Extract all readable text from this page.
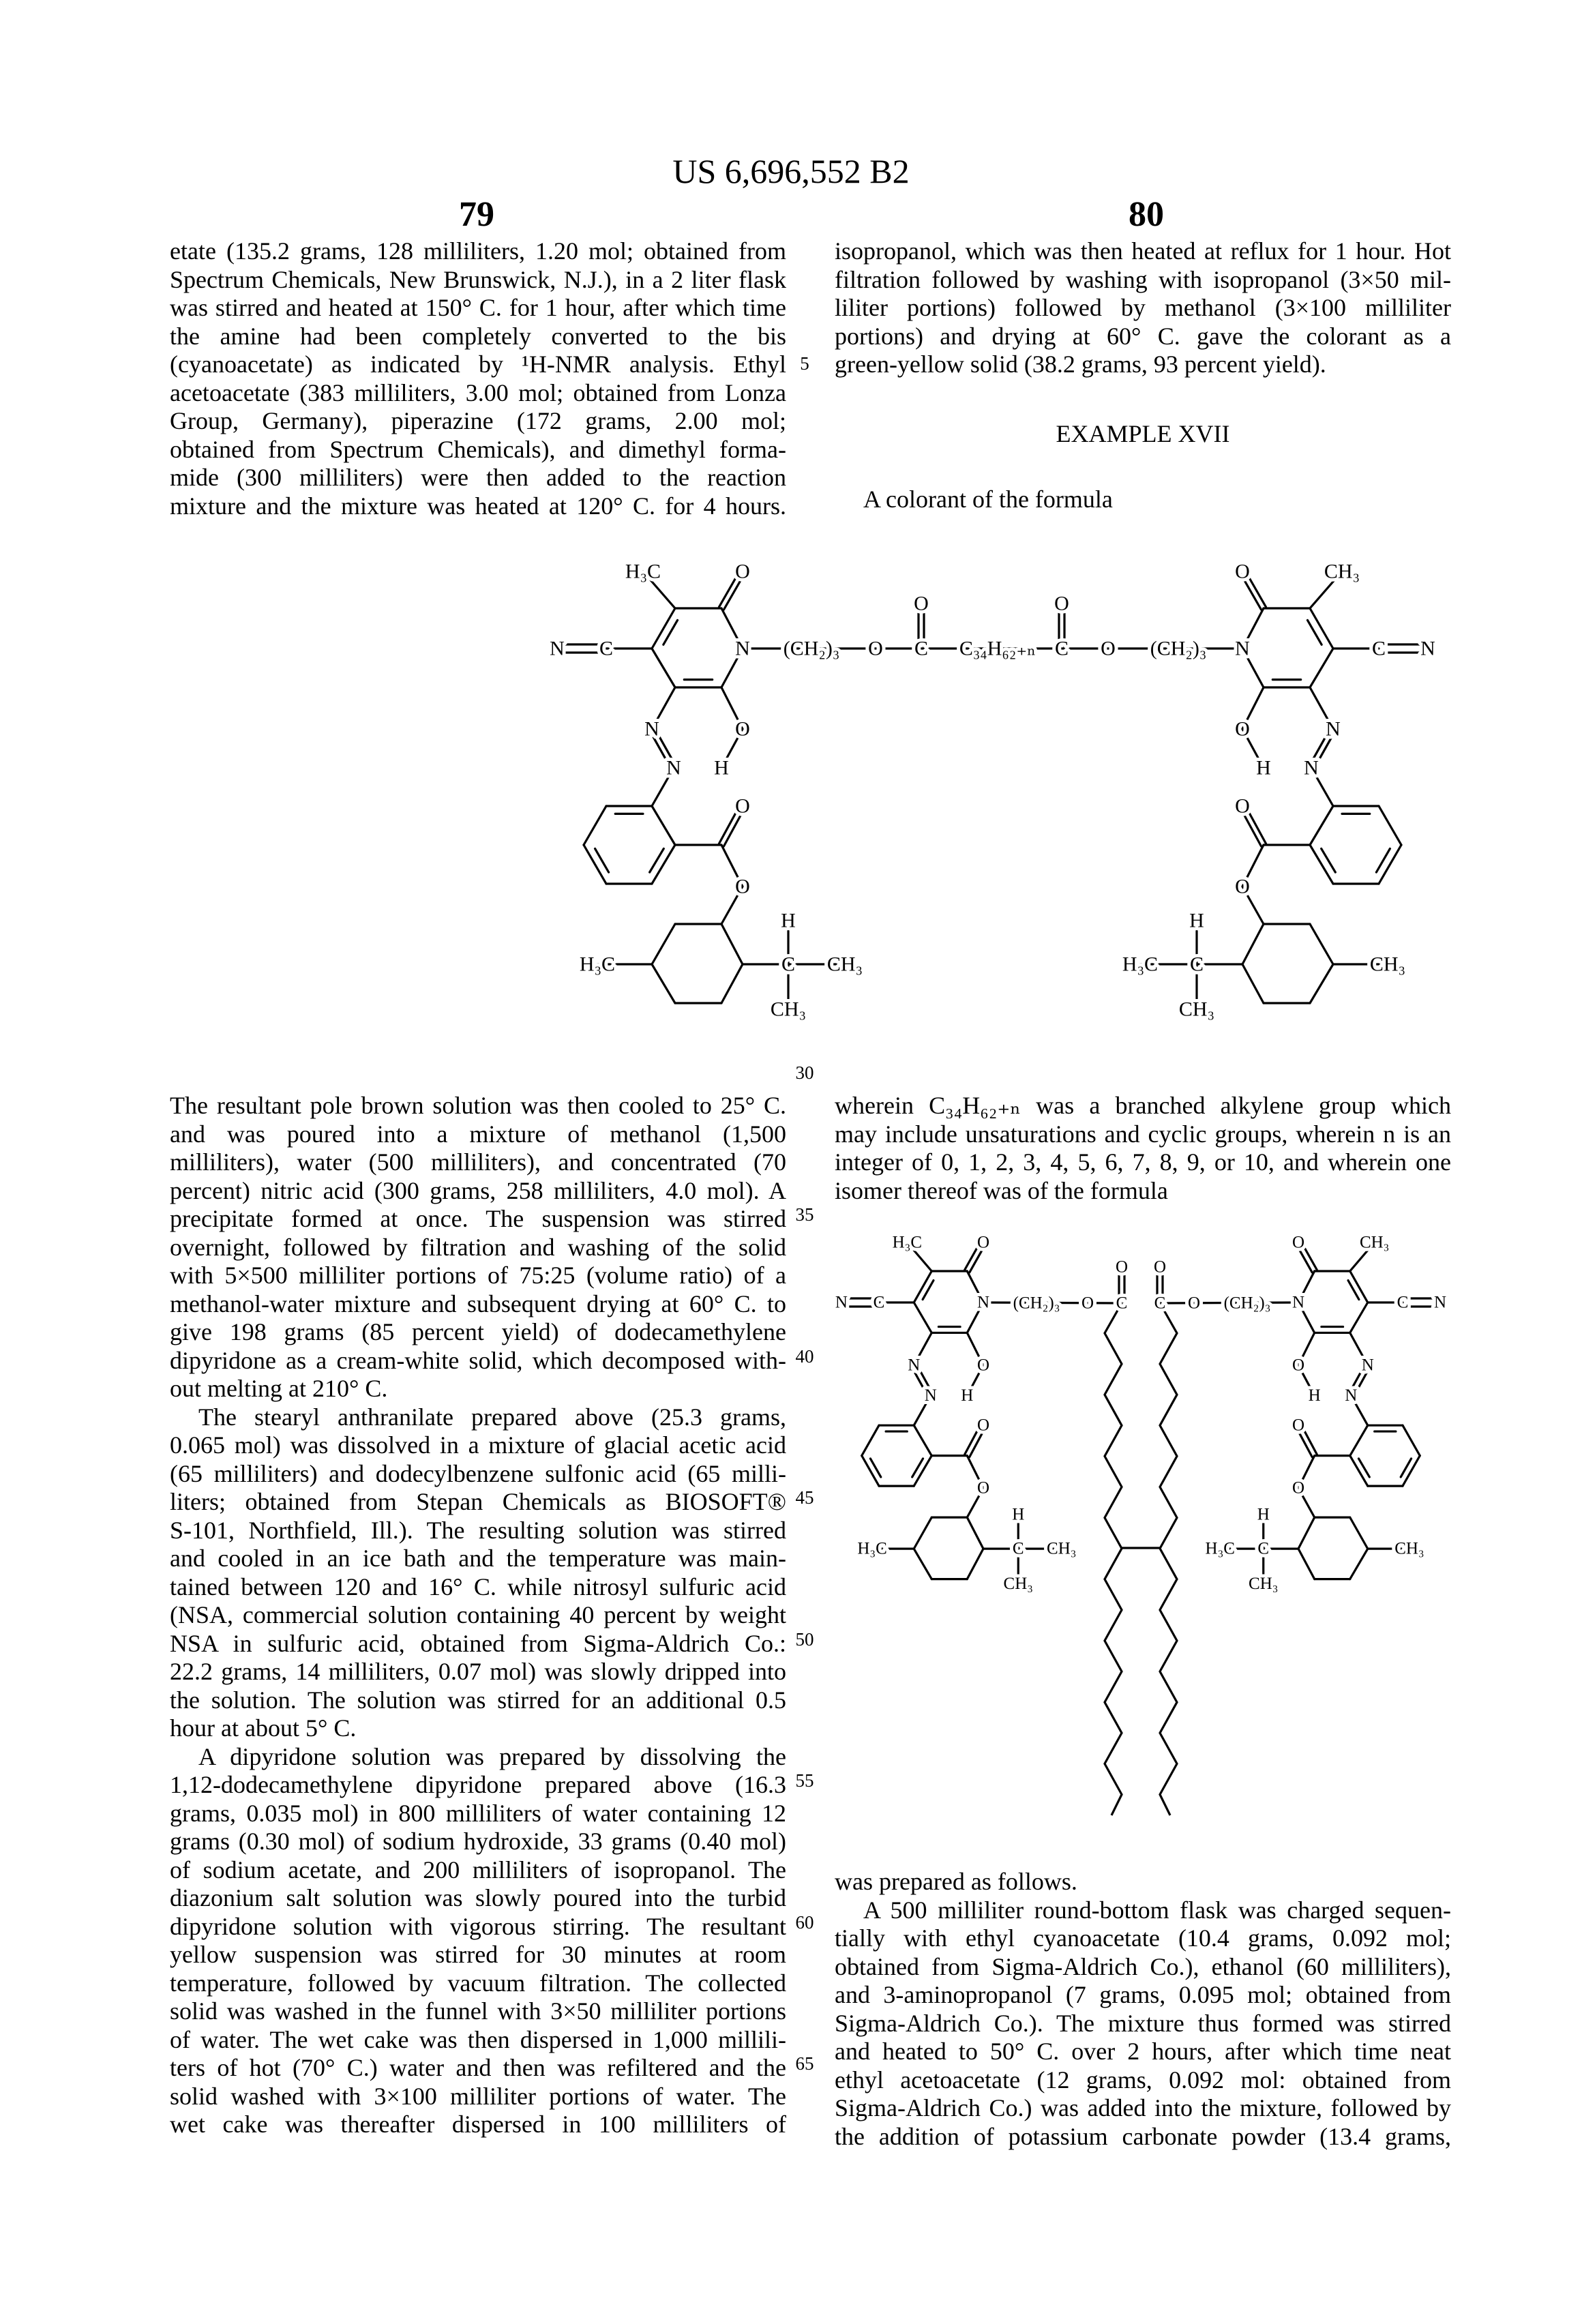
US 6,696,552 B2
79	80
etate (135.2 grams, 128 milliliters, 1.20 mol; obtained from
Spectrum Chemicals, New Brunswick, N.J.), in a 2 liter flask
was stirred and heated at 150° C. for 1 hour, after which time
the amine had been completely converted to the bis
(cyanoacetate) as indicated by ¹H-NMR analysis. Ethyl
acetoacetate (383 milliliters, 3.00 mol; obtained from Lonza
Group, Germany), piperazine (172 grams, 2.00 mol;
obtained from Spectrum Chemicals), and dimethyl forma-
mide (300 milliliters) were then added to the reaction
mixture and the mixture was heated at 120° C. for 4 hours.
isopropanol, which was then heated at reflux for 1 hour. Hot
filtration followed by washing with isopropanol (3×50 mil-
liliter portions) followed by methanol (3×100 milliliter
portions) and drying at 60° C. gave the colorant as a
green-yellow solid (38.2 grams, 93 percent yield).
EXAMPLE XVII
A colorant of the formula
The resultant pole brown solution was then cooled to 25° C.
and was poured into a mixture of methanol (1,500
milliliters), water (500 milliliters), and concentrated (70
percent) nitric acid (300 grams, 258 milliliters, 4.0 mol). A
precipitate formed at once. The suspension was stirred
overnight, followed by filtration and washing of the solid
with 5×500 milliliter portions of 75:25 (volume ratio) of a
methanol-water mixture and subsequent drying at 60° C. to
give 198 grams (85 percent yield) of dodecamethylene
dipyridone as a cream-white solid, which decomposed with-
out melting at 210° C.
The stearyl anthranilate prepared above (25.3 grams,
0.065 mol) was dissolved in a mixture of glacial acetic acid
(65 milliliters) and dodecylbenzene sulfonic acid (65 milli-
liters; obtained from Stepan Chemicals as BIOSOFT®
S-101, Northfield, Ill.). The resulting solution was stirred
and cooled in an ice bath and the temperature was main-
tained between 120 and 16° C. while nitrosyl sulfuric acid
(NSA, commercial solution containing 40 percent by weight
NSA in sulfuric acid, obtained from Sigma-Aldrich Co.:
22.2 grams, 14 milliliters, 0.07 mol) was slowly dripped into
the solution. The solution was stirred for an additional 0.5
hour at about 5° C.
A dipyridone solution was prepared by dissolving the
1,12-dodecamethylene dipyridone prepared above (16.3
grams, 0.035 mol) in 800 milliliters of water containing 12
grams (0.30 mol) of sodium hydroxide, 33 grams (0.40 mol)
of sodium acetate, and 200 milliliters of isopropanol. The
diazonium salt solution was slowly poured into the turbid
dipyridone solution with vigorous stirring. The resultant
yellow suspension was stirred for 30 minutes at room
temperature, followed by vacuum filtration. The collected
solid was washed in the funnel with 3×50 milliliter portions
of water. The wet cake was then dispersed in 1,000 millili-
ters of hot (70° C.) water and then was refiltered and the
solid washed with 3×100 milliliter portions of water. The
wet cake was thereafter dispersed in 100 milliliters of
wherein C₃₄H₆₂₊ₙ was a branched alkylene group which
may include unsaturations and cyclic groups, wherein n is an
integer of 0, 1, 2, 3, 4, 5, 6, 7, 8, 9, or 10, and wherein one
isomer thereof was of the formula
was prepared as follows.
A 500 milliliter round-bottom flask was charged sequen-
tially with ethyl cyanoacetate (10.4 grams, 0.092 mol;
obtained from Sigma-Aldrich Co.), ethanol (60 milliliters),
and 3-aminopropanol (7 grams, 0.095 mol; obtained from
Sigma-Aldrich Co.). The mixture thus formed was stirred
and heated to 50° C. over 2 hours, after which time neat
ethyl acetoacetate (12 grams, 0.092 mol: obtained from
Sigma-Aldrich Co.) was added into the mixture, followed by
the addition of potassium carbonate powder (13.4 grams,
5
30
35
40
45
50
55
60
65
H₃C	O
N C	N
N
N
O
H
O
O
H₃C	C
H
CH₃
CH₃
CH₃
O
N
C
N
N
N
O
H
O
O
CH₃
C
H
H₃C
CH₃
(CH₂)₃ O C
O
C₃₄H₆₂₊ₙ C
O
O (CH₂)₃
H₃C	O
N C	N
N
N
O
H
O
O
H₃C	C
H
CH₃
CH₃
CH₃
O
N
C
N
N
N
O
H
O
O
CH₃
C
H
H₃C
CH₃
(CH₂)₃ O C
O
C
O
O (CH₂)₃
